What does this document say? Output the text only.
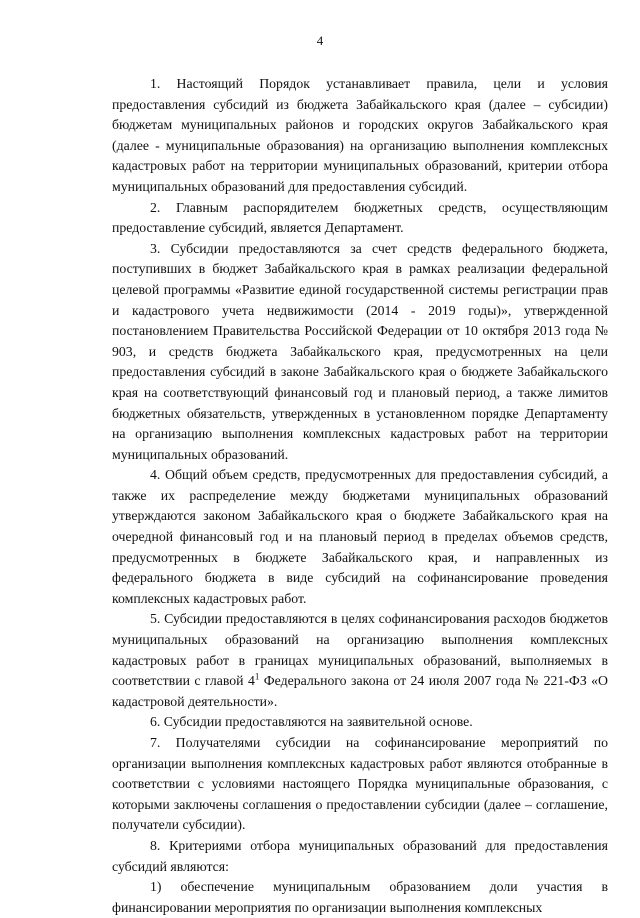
4

1. Настоящий Порядок устанавливает правила, цели и условия предоставления субсидий из бюджета Забайкальского края (далее – субсидии) бюджетам муниципальных районов и городских округов Забайкальского края (далее - муниципальные образования) на организацию выполнения комплексных кадастровых работ на территории муниципальных образований, критерии отбора муниципальных образований для предоставления субсидий.

2. Главным распорядителем бюджетных средств, осуществляющим предоставление субсидий, является Департамент.

3. Субсидии предоставляются за счет средств федерального бюджета, поступивших в бюджет Забайкальского края в рамках реализации федеральной целевой программы «Развитие единой государственной системы регистрации прав и кадастрового учета недвижимости (2014 - 2019 годы)», утвержденной постановлением Правительства Российской Федерации от 10 октября 2013 года № 903, и средств бюджета Забайкальского края, предусмотренных на цели предоставления субсидий в законе Забайкальского края о бюджете Забайкальского края на соответствующий финансовый год и плановый период, а также лимитов бюджетных обязательств, утвержденных в установленном порядке Департаменту на организацию выполнения комплексных кадастровых работ на территории муниципальных образований.

4. Общий объем средств, предусмотренных для предоставления субсидий, а также их распределение между бюджетами муниципальных образований утверждаются законом Забайкальского края о бюджете Забайкальского края на очередной финансовый год и на плановый период в пределах объемов средств, предусмотренных в бюджете Забайкальского края, и направленных из федерального бюджета в виде субсидий на софинансирование проведения комплексных кадастровых работ.

5. Субсидии предоставляются в целях софинансирования расходов бюджетов муниципальных образований на организацию выполнения комплексных кадастровых работ в границах муниципальных образований, выполняемых в соответствии с главой $4^1$ Федерального закона от 24 июля 2007 года № 221-ФЗ «О кадастровой деятельности».

6. Субсидии предоставляются на заявительной основе.

7. Получателями субсидии на софинансирование мероприятий по организации выполнения комплексных кадастровых работ являются отобранные в соответствии с условиями настоящего Порядка муниципальные образования, с которыми заключены соглашения о предоставлении субсидии (далее – соглашение, получатели субсидии).

8. Критериями отбора муниципальных образований для предоставления субсидий являются:

1) обеспечение муниципальным образованием доли участия в финансировании мероприятия по организации выполнения комплексных
